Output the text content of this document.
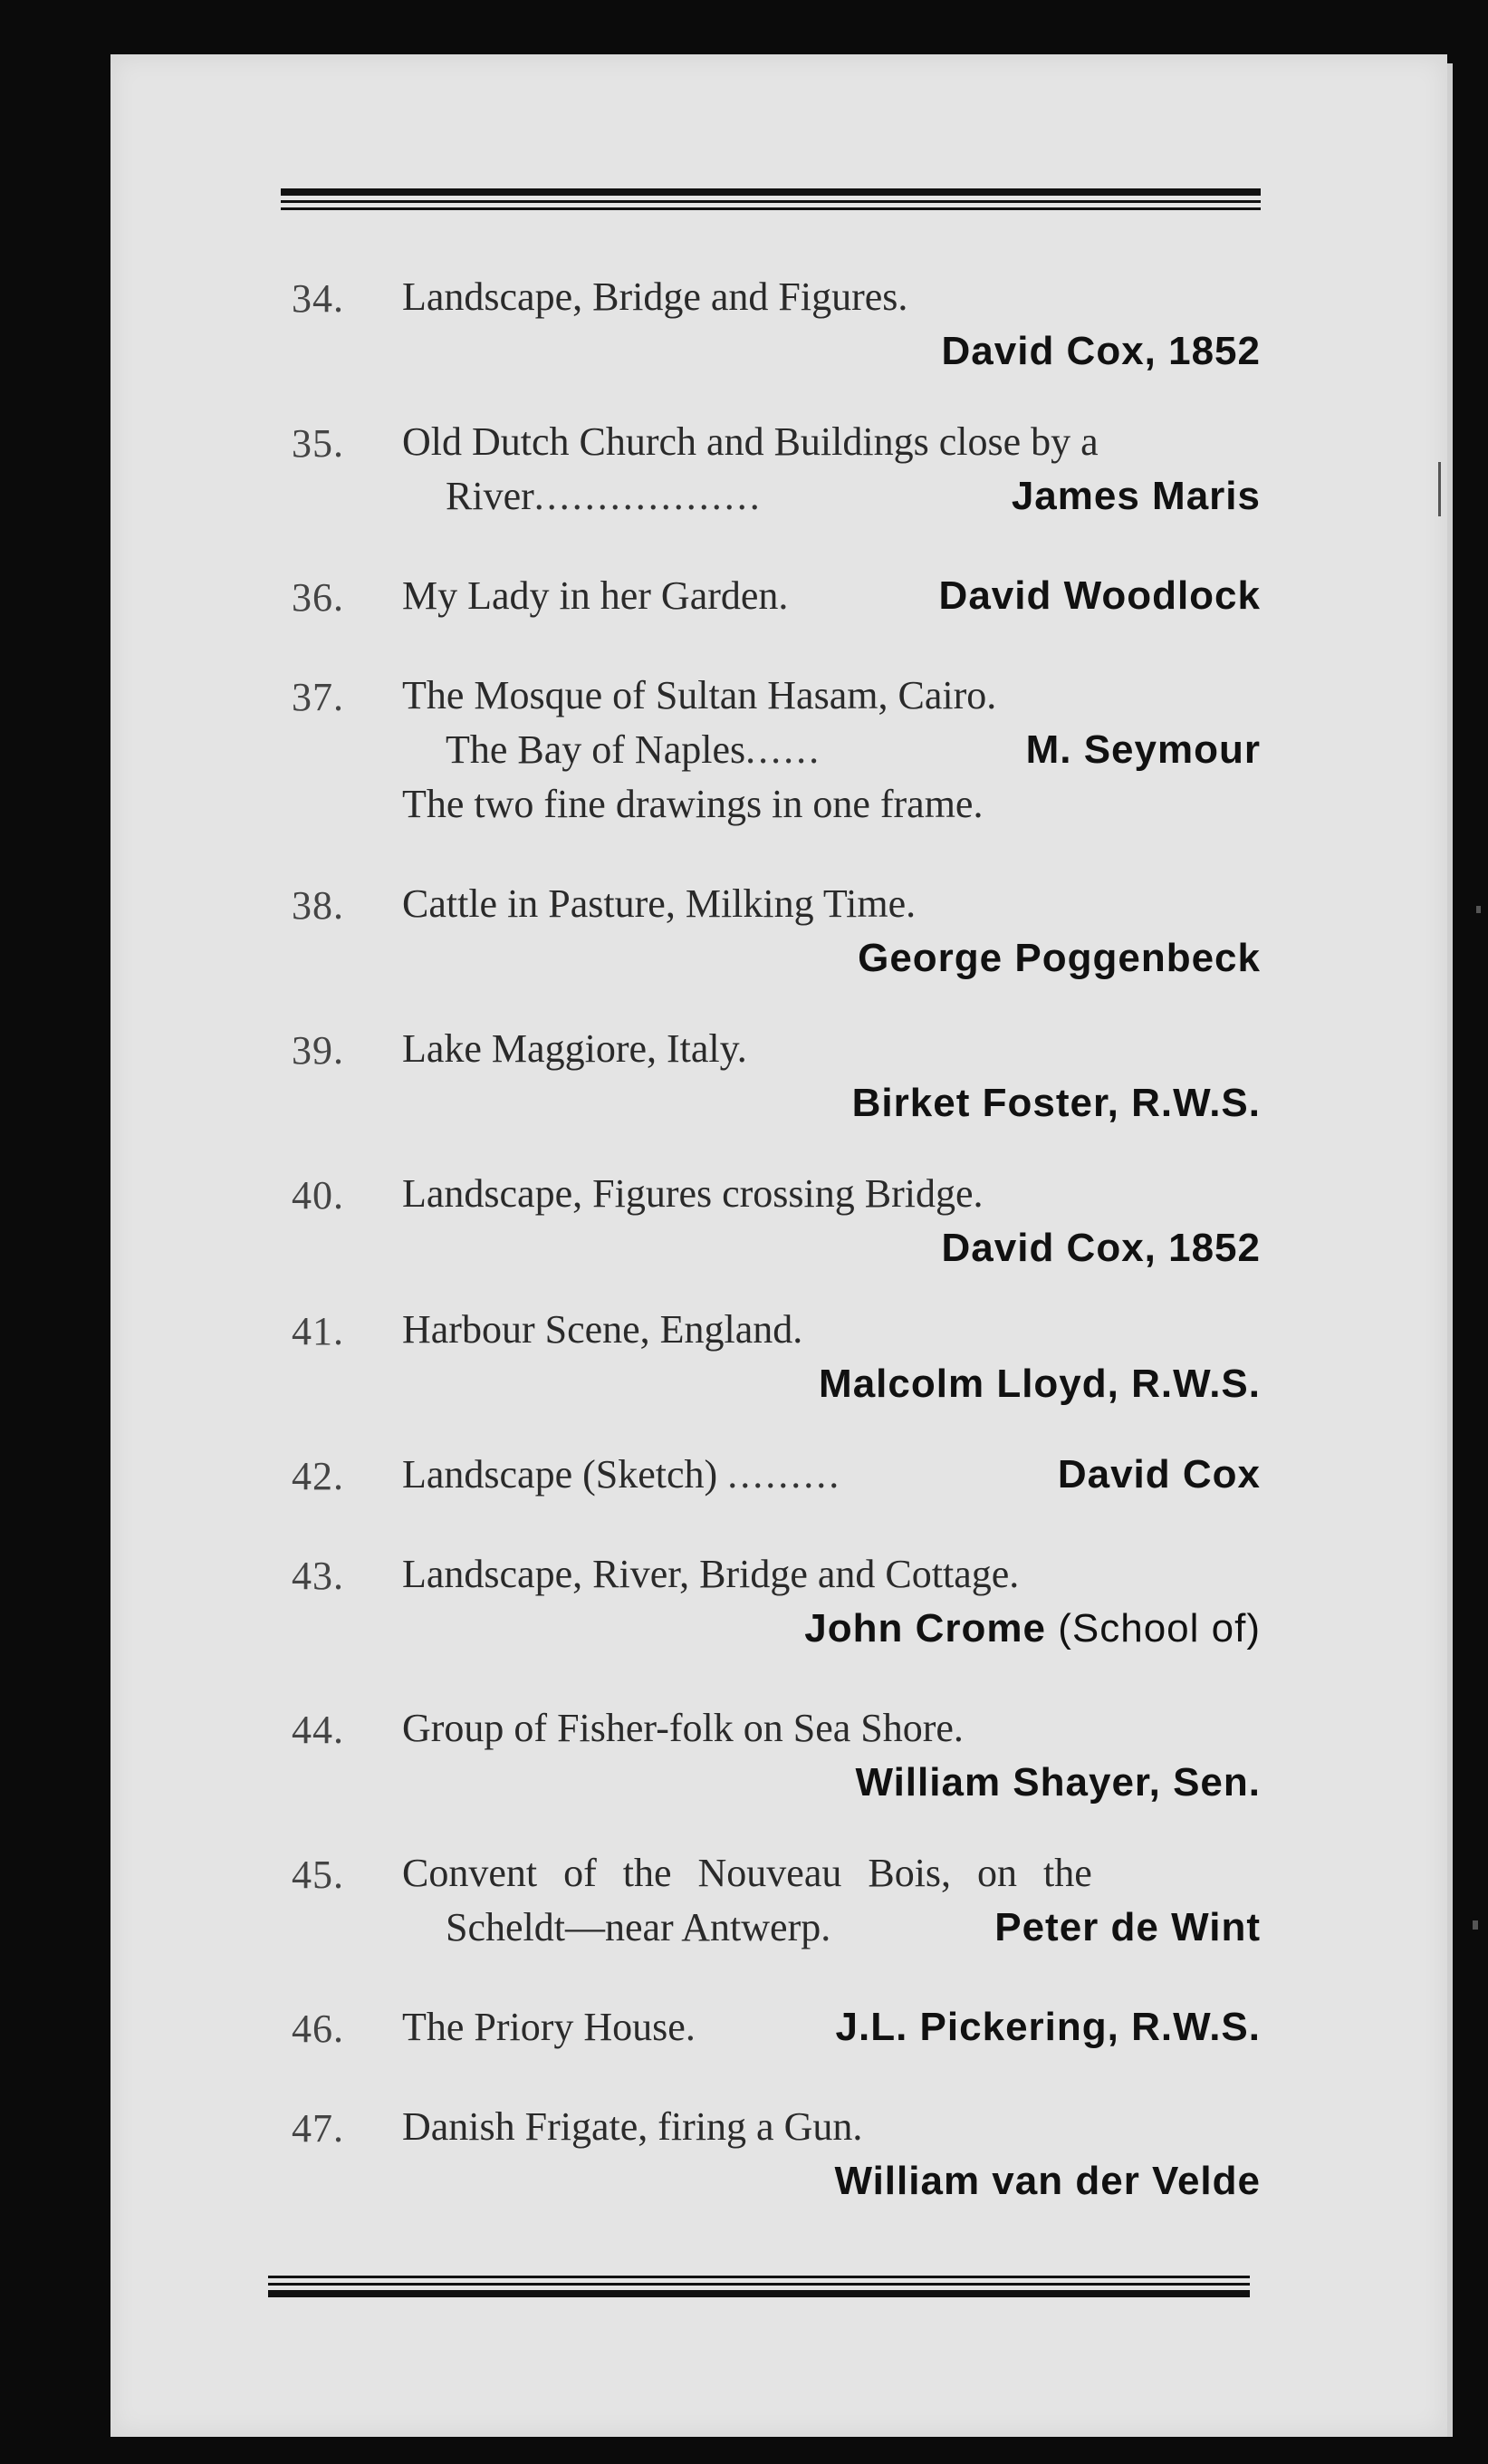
34. Landscape, Bridge and Figures.
David Cox, 1852
35. Old Dutch Church and Buildings close by a
River..................	James Maris
36. My Lady in her Garden.	David Woodlock
37. The Mosque of Sultan Hasam, Cairo.
The Bay of Naples......	M. Seymour
The two fine drawings in one frame.
38. Cattle in Pasture, Milking Time.
George Poggenbeck
39. Lake Maggiore, Italy.
Birket Foster, R.W.S.
40. Landscape, Figures crossing Bridge.
David Cox, 1852
41. Harbour Scene, England.
Malcolm Lloyd, R.W.S.
42. Landscape (Sketch) .........	David Cox
43. Landscape, River, Bridge and Cottage.
John Crome (School of)
44. Group of Fisher-folk on Sea Shore.
William Shayer, Sen.
45. Convent of the Nouveau Bois, on the
Scheldt—near Antwerp.	Peter de Wint
46. The Priory House.	J.L. Pickering, R.W.S.
47. Danish Frigate, firing a Gun.
William van der Velde
